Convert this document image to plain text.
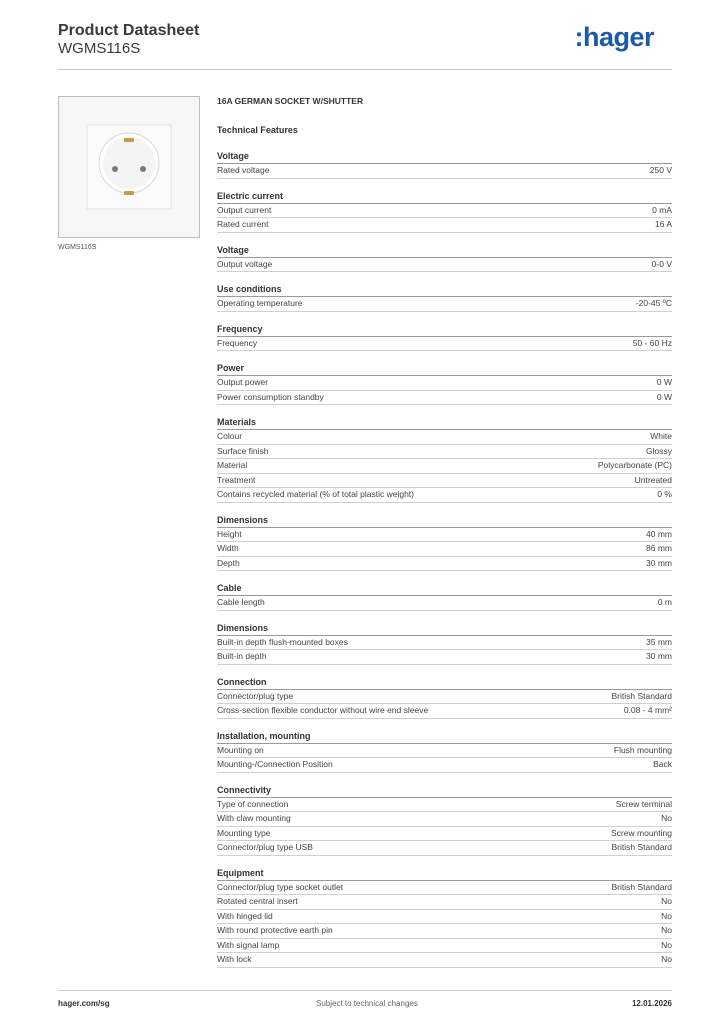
Product Datasheet
WGMS116S	:hager
WGMS116S
16A GERMAN SOCKET W/SHUTTER
Technical Features
Voltage
Rated voltage	250 V
Electric current
Output current	0 mA
Rated current	16 A
Voltage
Output voltage	0-0 V
Use conditions
Operating temperature	-20-45 ºC
Frequency
Frequency	50 - 60 Hz
Power
Output power	0 W
Power consumption standby	0 W
Materials
Colour	White
Surface finish	Glossy
Material	Polycarbonate (PC)
Treatment	Untreated
Contains recycled material (% of total plastic weight)	0 %
Dimensions
Height	40 mm
Width	86 mm
Depth	30 mm
Cable
Cable length	0 m
Dimensions
Built-in depth flush-mounted boxes	35 mm
Built-in depth	30 mm
Connection
Connector/plug type	British Standard
Cross-section flexible conductor without wire end sleeve	0.08 - 4 mm²
Installation, mounting
Mounting on	Flush mounting
Mounting-/Connection Position	Back
Connectivity
Type of connection	Screw terminal
With claw mounting	No
Mounting type	Screw mounting
Connector/plug type USB	British Standard
Equipment
Connector/plug type socket outlet	British Standard
Rotated central insert	No
With hinged lid	No
With round protective earth pin	No
With signal lamp	No
With lock	No
hager.com/sg	Subject to technical changes	12.01.2026
